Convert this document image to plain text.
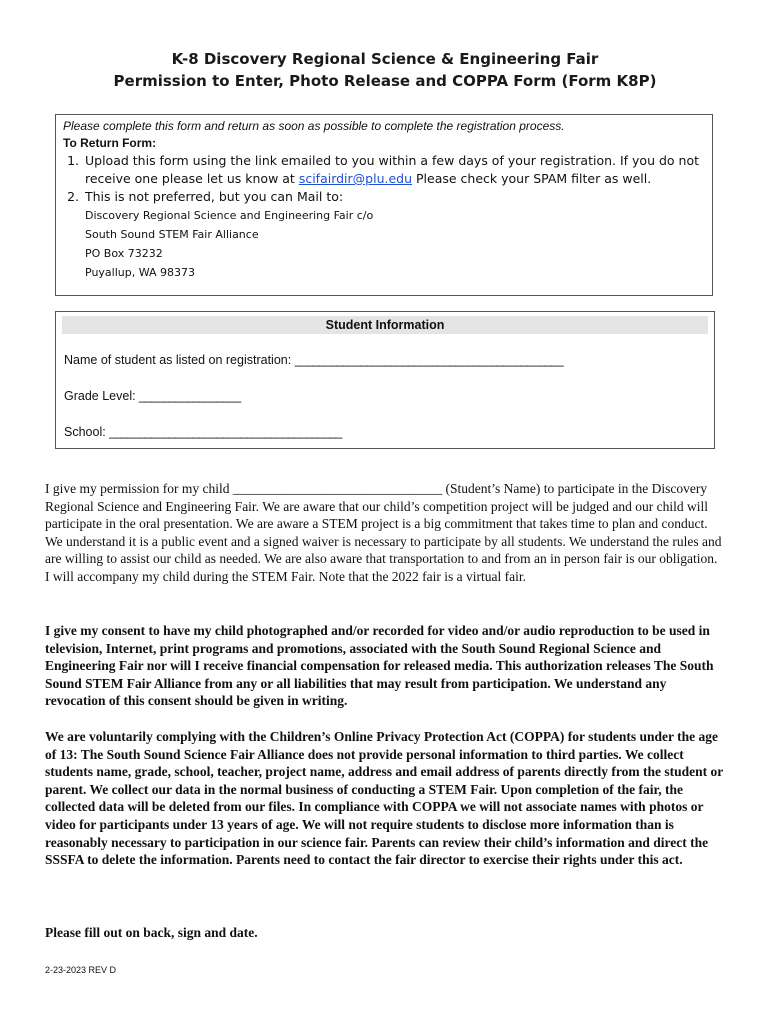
K-8 Discovery Regional Science & Engineering Fair
Permission to Enter, Photo Release and COPPA Form (Form K8P)
Please complete this form and return as soon as possible to complete the registration process.
To Return Form:
1. Upload this form using the link emailed to you within a few days of your registration. If you do not receive one please let us know at scifairdir@plu.edu Please check your SPAM filter as well.
2. This is not preferred, but you can Mail to:
Discovery Regional Science and Engineering Fair c/o
South Sound STEM Fair Alliance
PO Box 73232
Puyallup, WA 98373
Student Information
Name of student as listed on registration: _____________________________________________
Grade Level: _________________
School: _______________________________________

I give my permission for my child _______________________________ (Student’s Name) to participate in the Discovery Regional Science and Engineering Fair. We are aware that our child’s competition project will be judged and our child will participate in the oral presentation. We are aware a STEM project is a big commitment that takes time to plan and conduct. We understand it is a public event and a signed waiver is necessary to participate by all students. We understand the rules and are willing to assist our child as needed. We are also aware that transportation to and from an in person fair is our obligation. I will accompany my child during the STEM Fair. Note that the 2022 fair is a virtual fair.

I give my consent to have my child photographed and/or recorded for video and/or audio reproduction to be used in television, Internet, print programs and promotions, associated with the South Sound Regional Science and Engineering Fair nor will I receive financial compensation for released media. This authorization releases The South Sound STEM Fair Alliance from any or all liabilities that may result from participation. We understand any revocation of this consent should be given in writing.

We are voluntarily complying with the Children’s Online Privacy Protection Act (COPPA) for students under the age of 13: The South Sound Science Fair Alliance does not provide personal information to third parties. We collect students name, grade, school, teacher, project name, address and email address of parents directly from the student or parent. We collect our data in the normal business of conducting a STEM Fair. Upon completion of the fair, the collected data will be deleted from our files. In compliance with COPPA we will not associate names with photos or video for participants under 13 years of age. We will not require students to disclose more information than is reasonably necessary to participation in our science fair. Parents can review their child’s information and direct the SSSFA to delete the information. Parents need to contact the fair director to exercise their rights under this act.

Please fill out on back, sign and date.

2-23-2023 REV D
